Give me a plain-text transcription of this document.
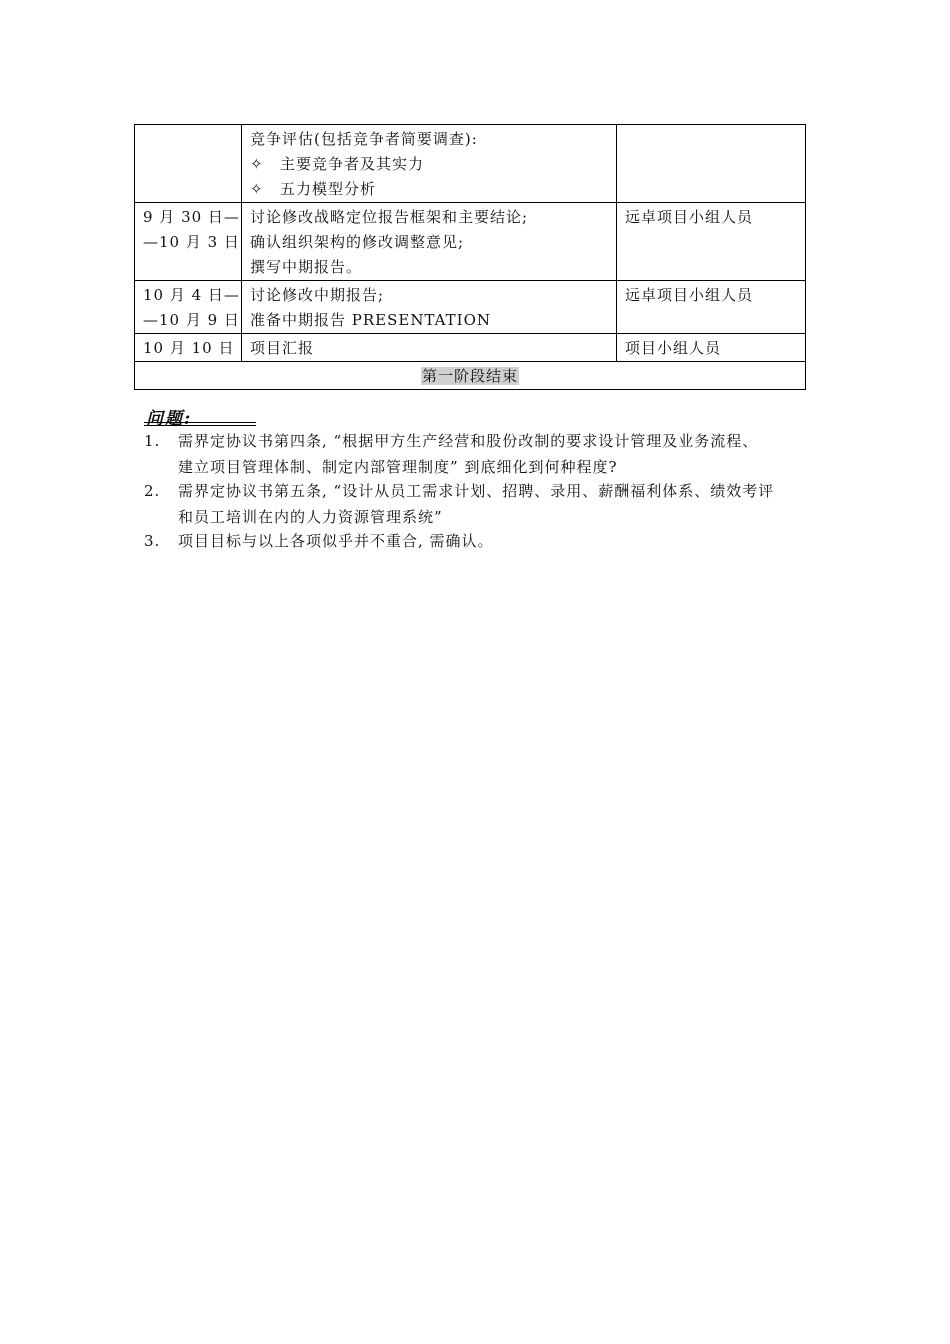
	竞争评估(包括竞争者简要调查):
✧ 主要竞争者及其实力
✧ 五力模型分析	

9 月 30 日—
—10 月 3 日	讨论修改战略定位报告框架和主要结论;
确认组织架构的修改调整意见;
撰写中期报告。	远卓项目小组人员

10 月 4 日—
—10 月 9 日	讨论修改中期报告;
准备中期报告 PRESENTATION	远卓项目小组人员

10 月 10 日	项目汇报	项目小组人员
第一阶段结束		
问题:
1. 需界定协议书第四条, “根据甲方生产经营和股份改制的要求设计管理及业务流程、
建立项目管理体制、制定内部管理制度” 到底细化到何种程度?
2. 需界定协议书第五条, “设计从员工需求计划、招聘、录用、薪酬福利体系、绩效考评
和员工培训在内的人力资源管理系统”
3. 项目目标与以上各项似乎并不重合, 需确认。
